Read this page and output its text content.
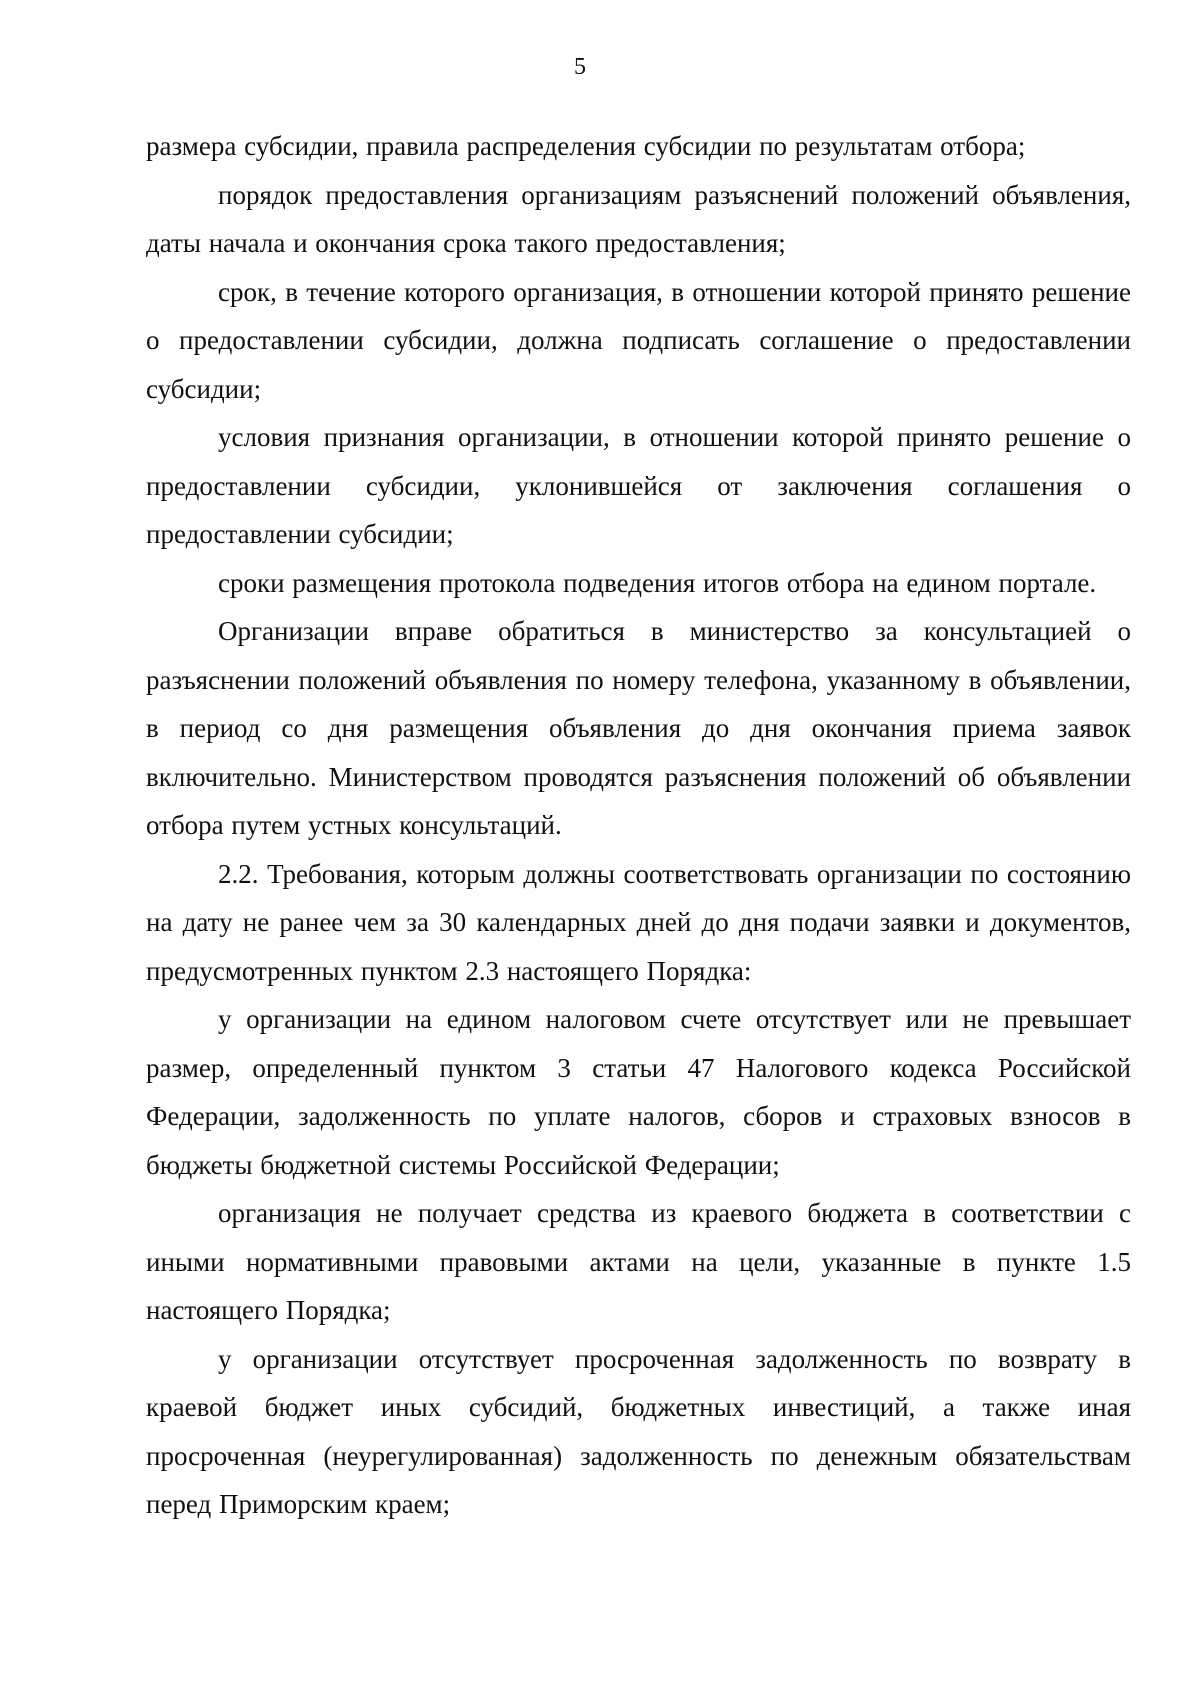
5

размера субсидии, правила распределения субсидии по результатам отбора;

порядок предоставления организациям разъяснений положений объявления, даты начала и окончания срока такого предоставления;

срок, в течение которого организация, в отношении которой принято решение о предоставлении субсидии, должна подписать соглашение о предоставлении субсидии;

условия признания организации, в отношении которой принято решение о предоставлении субсидии, уклонившейся от заключения соглашения о предоставлении субсидии;

сроки размещения протокола подведения итогов отбора на едином портале.

Организации вправе обратиться в министерство за консультацией о разъяснении положений объявления по номеру телефона, указанному в объявлении, в период со дня размещения объявления до дня окончания приема заявок включительно. Министерством проводятся разъяснения положений об объявлении отбора путем устных консультаций.

2.2. Требования, которым должны соответствовать организации по состоянию на дату не ранее чем за 30 календарных дней до дня подачи заявки и документов, предусмотренных пунктом 2.3 настоящего Порядка:

у организации на едином налоговом счете отсутствует или не превышает размер, определенный пунктом 3 статьи 47 Налогового кодекса Российской Федерации, задолженность по уплате налогов, сборов и страховых взносов в бюджеты бюджетной системы Российской Федерации;

организация не получает средства из краевого бюджета в соответствии с иными нормативными правовыми актами на цели, указанные в пункте 1.5 настоящего Порядка;

у организации отсутствует просроченная задолженность по возврату в краевой бюджет иных субсидий, бюджетных инвестиций, а также иная просроченная (неурегулированная) задолженность по денежным обязательствам перед Приморским краем;
